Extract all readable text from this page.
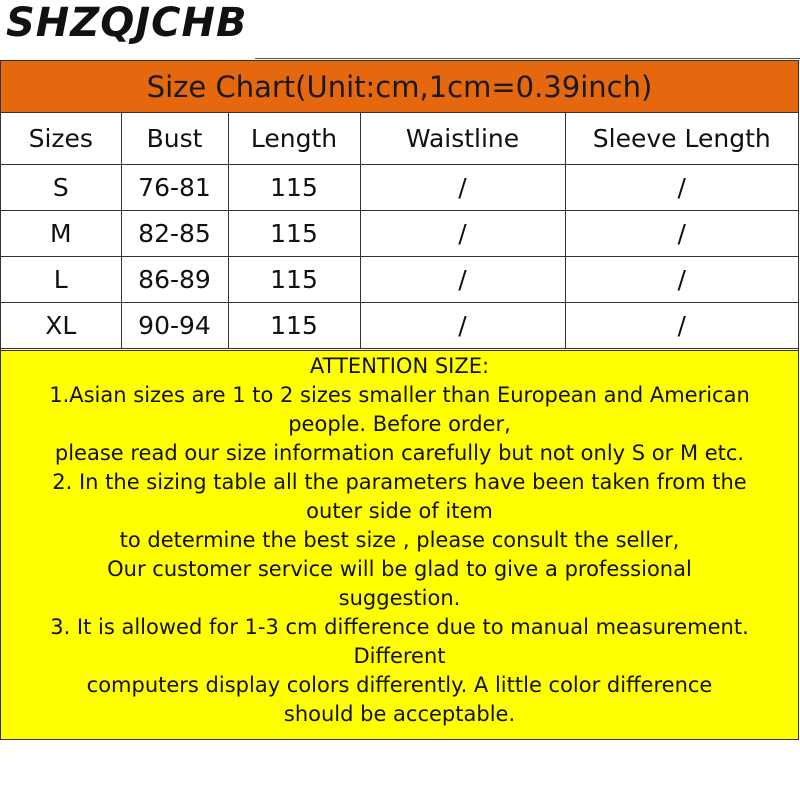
SHZQJCHB
Size Chart(Unit:cm,1cm=0.39inch)
Sizes	Bust	Length	Waistline	Sleeve Length
S	76-81	115	/	/
M	82-85	115	/	/
L	86-89	115	/	/
XL	90-94	115	/	/
ATTENTION SIZE:
1.Asian sizes are 1 to 2 sizes smaller than European and American
people. Before order,
please read our size information carefully but not only S or M etc.
2. In the sizing table all the parameters have been taken from the
outer side of item
to determine the best size , please consult the seller,
Our customer service will be glad to give a professional
suggestion.
3. It is allowed for 1-3 cm difference due to manual measurement.
Different
computers display colors differently. A little color difference
should be acceptable.
